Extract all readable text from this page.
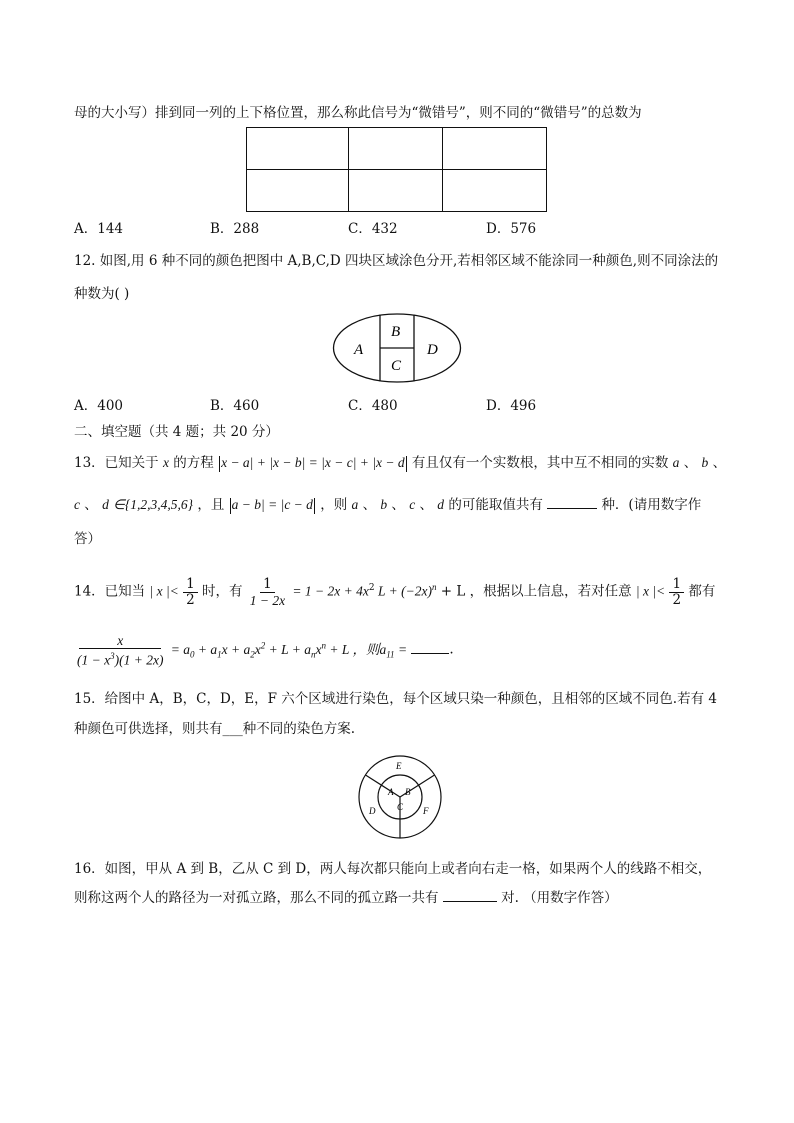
母的大小写）排到同一列的上下格位置，那么称此信号为“微错号”，则不同的“微错号”的总数为

A．144	B．288	C．432	D．576
12. 如图,用 6 种不同的颜色把图中 A,B,C,D 四块区域涂色分开,若相邻区域不能涂同一种颜色,则不同涂法的
种数为( )
A
B
C
D
A．400	B．460	C．480	D．496
二、填空题（共 4 题；共 20 分）
13．已知关于 x 的方程 x − a| + |x − b| = |x − c| + |x − d 有且仅有一个实数根，其中互不相同的实数 a 、 b 、
c 、 d ∈{1,2,3,4,5,6} ，且 a − b| = |c − d ，则 a 、 b 、 c 、 d 的可能取值共有	种．(请用数字作
答）
14．已知当 | x |< $\frac{1}{2}$ 时，有 $\frac{1}{1 - 2x} = 1 - 2x + 4x^2$ $L + (-2x)^n + L$ ，根据以上信息，若对任意 | x |< $\frac{1}{2}$ 都有
$\frac{x}{(1 - x^3)(1 + 2x)} = a_0 + a_1x + a_2x^2 + L + a_nx^n + L$ ，则$a_{11}$ =	.
15．给图中 A，B，C，D，E，F 六个区域进行染色，每个区域只染一种颜色，且相邻的区域不同色.若有 4
种颜色可供选择，则共有___种不同的染色方案.
E
A B
C
D	F
16．如图，甲从 A 到 B，乙从 C 到 D，两人每次都只能向上或者向右走一格，如果两个人的线路不相交，
则称这两个人的路径为一对孤立路，那么不同的孤立路一共有	对. （用数字作答）
